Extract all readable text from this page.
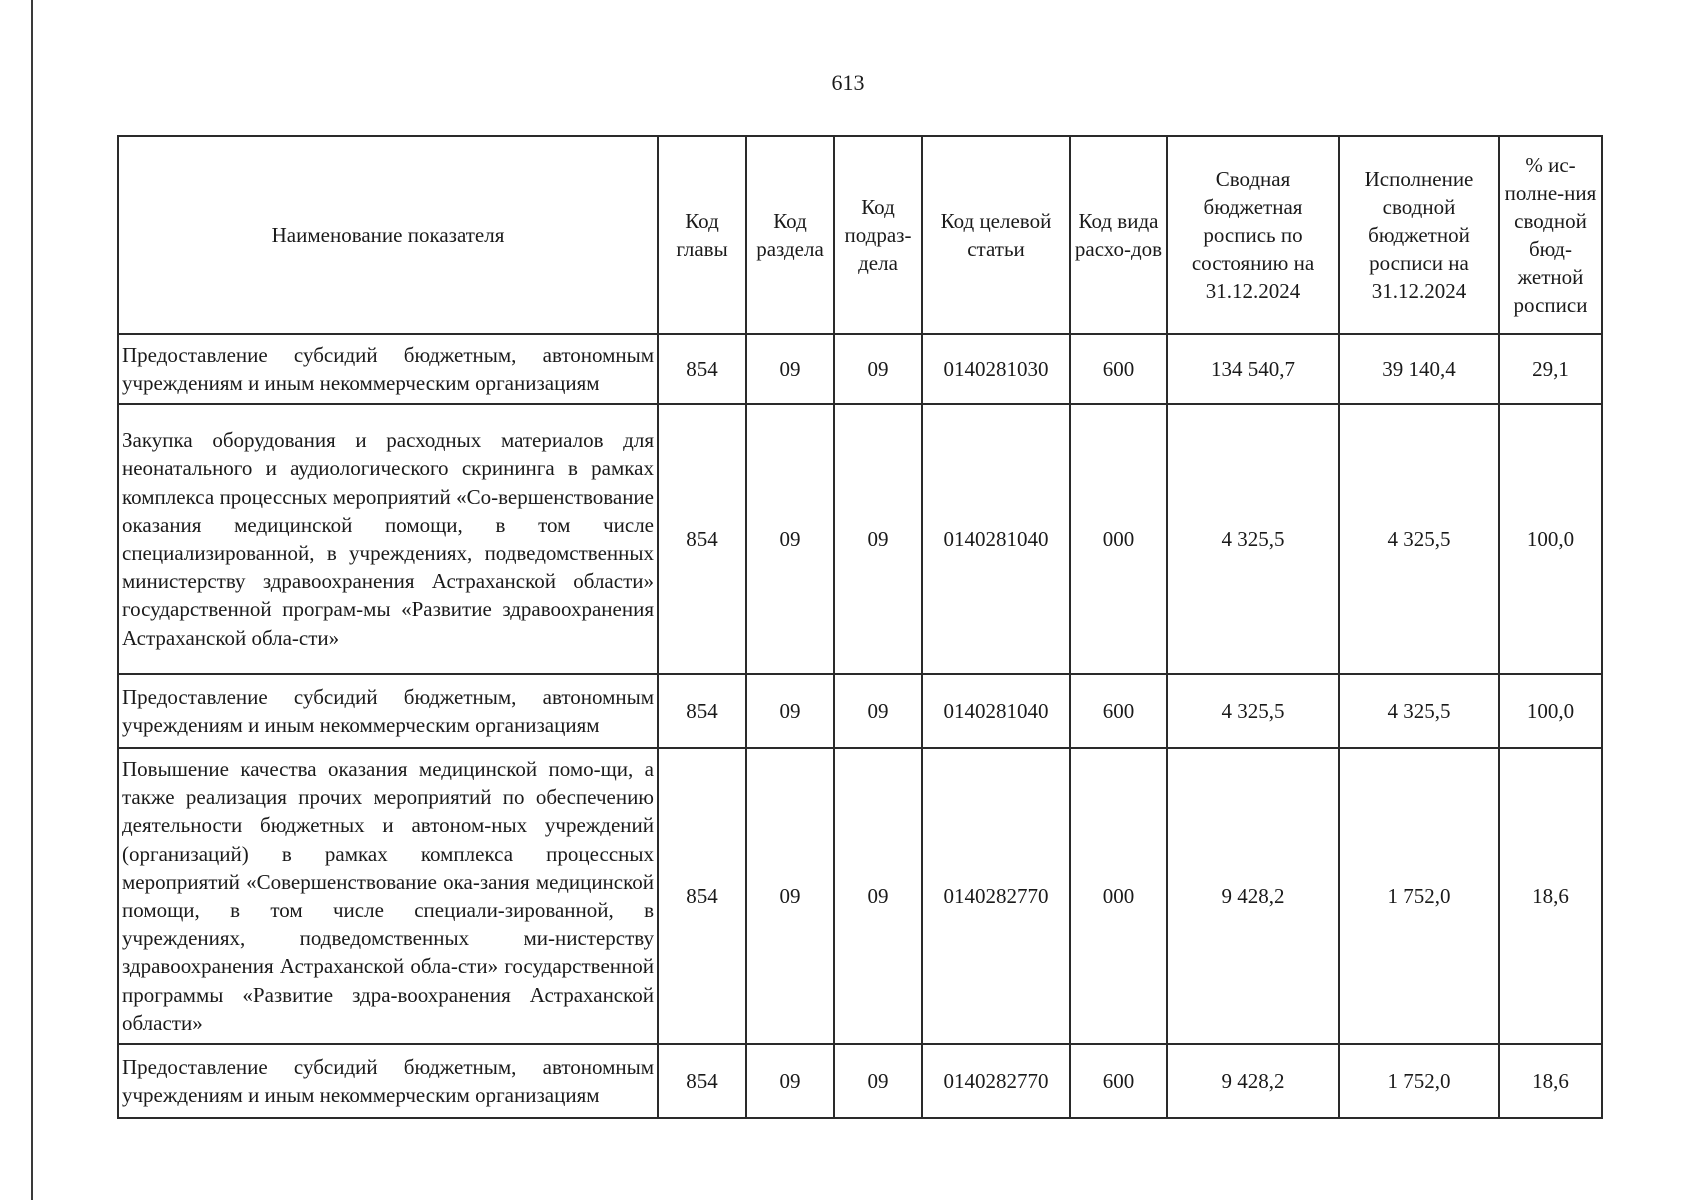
613
Наименование показателя	Код главы	Код раздела	Код подраз-дела	Код целевой статьи	Код вида расхо-дов	Сводная бюджетная роспись по состоянию на 31.12.2024	Исполнение сводной бюджетной росписи на 31.12.2024	% ис-полне-ния сводной бюд-жетной росписи
Предоставление субсидий бюджетным, автономным учреждениям и иным некоммерческим организациям	854	09	09	0140281030	600	134 540,7	39 140,4	29,1
Закупка оборудования и расходных материалов для неонатального и аудиологического скрининга в рамках комплекса процессных мероприятий «Со-вершенствование оказания медицинской помощи, в том числе специализированной, в учреждениях, подведомственных министерству здравоохранения Астраханской области» государственной програм-мы «Развитие здравоохранения Астраханской обла-сти»	854	09	09	0140281040	000	4 325,5	4 325,5	100,0
Предоставление субсидий бюджетным, автономным учреждениям и иным некоммерческим организациям	854	09	09	0140281040	600	4 325,5	4 325,5	100,0
Повышение качества оказания медицинской помо-щи, а также реализация прочих мероприятий по обеспечению деятельности бюджетных и автоном-ных учреждений (организаций) в рамках комплекса процессных мероприятий «Совершенствование ока-зания медицинской помощи, в том числе специали-зированной, в учреждениях, подведомственных ми-нистерству здравоохранения Астраханской обла-сти» государственной программы «Развитие здра-воохранения Астраханской области»	854	09	09	0140282770	000	9 428,2	1 752,0	18,6
Предоставление субсидий бюджетным, автономным учреждениям и иным некоммерческим организациям	854	09	09	0140282770	600	9 428,2	1 752,0	18,6
